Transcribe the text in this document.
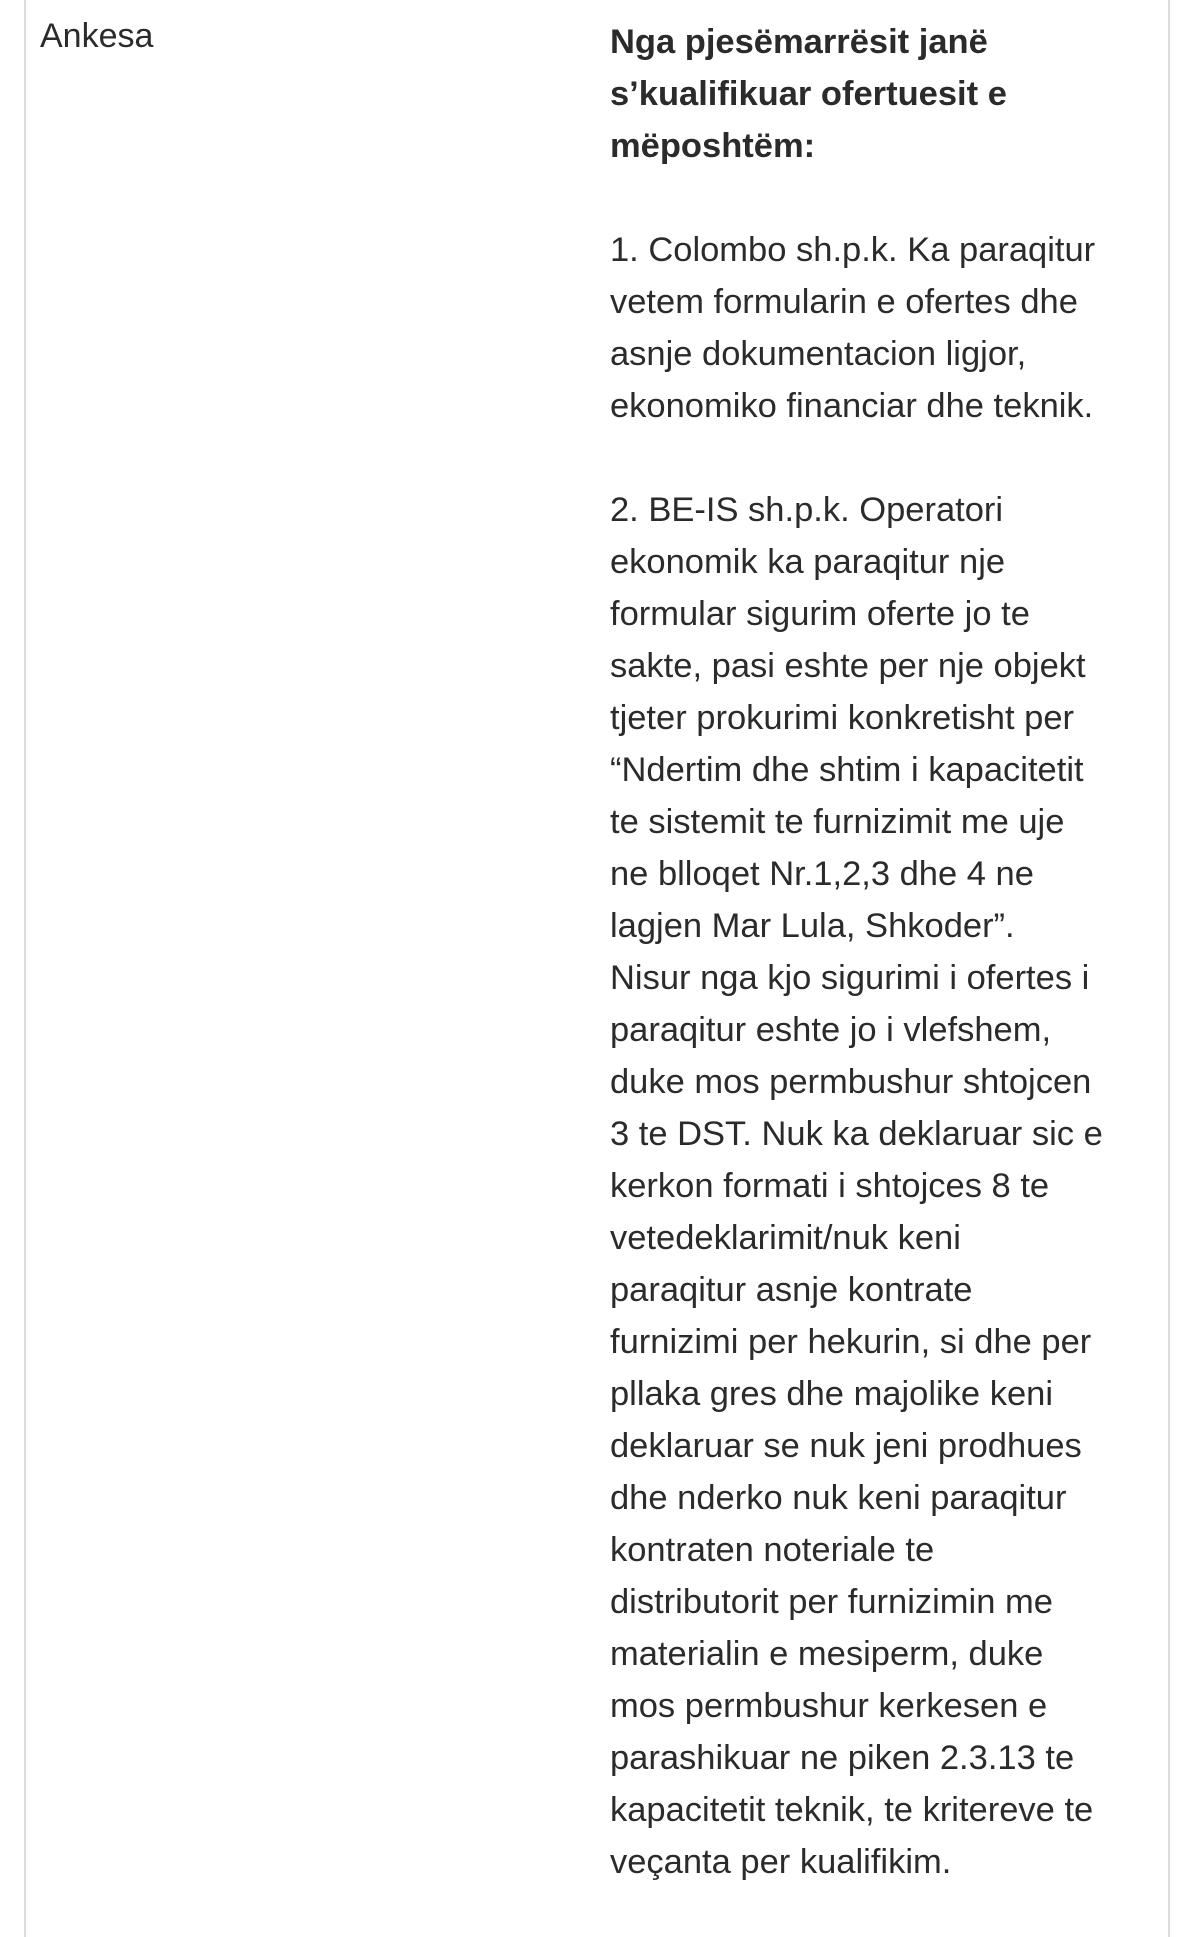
Ankesa	Nga pjesëmarrësit janë
s’kualifikuar ofertuesit e
mëposhtëm:
1. Colombo sh.p.k. Ka paraqitur
vetem formularin e ofertes dhe
asnje dokumentacion ligjor,
ekonomiko financiar dhe teknik.
2. BE-IS sh.p.k. Operatori
ekonomik ka paraqitur nje
formular sigurim oferte jo te
sakte, pasi eshte per nje objekt
tjeter prokurimi konkretisht per
“Ndertim dhe shtim i kapacitetit
te sistemit te furnizimit me uje
ne blloqet Nr.1,2,3 dhe 4 ne
lagjen Mar Lula, Shkoder”.
Nisur nga kjo sigurimi i ofertes i
paraqitur eshte jo i vlefshem,
duke mos permbushur shtojcen
3 te DST. Nuk ka deklaruar sic e
kerkon formati i shtojces 8 te
vetedeklarimit/nuk keni
paraqitur asnje kontrate
furnizimi per hekurin, si dhe per
pllaka gres dhe majolike keni
deklaruar se nuk jeni prodhues
dhe nderko nuk keni paraqitur
kontraten noteriale te
distributorit per furnizimin me
materialin e mesiperm, duke
mos permbushur kerkesen e
parashikuar ne piken 2.3.13 te
kapacitetit teknik, te kritereve te
veçanta per kualifikim.
